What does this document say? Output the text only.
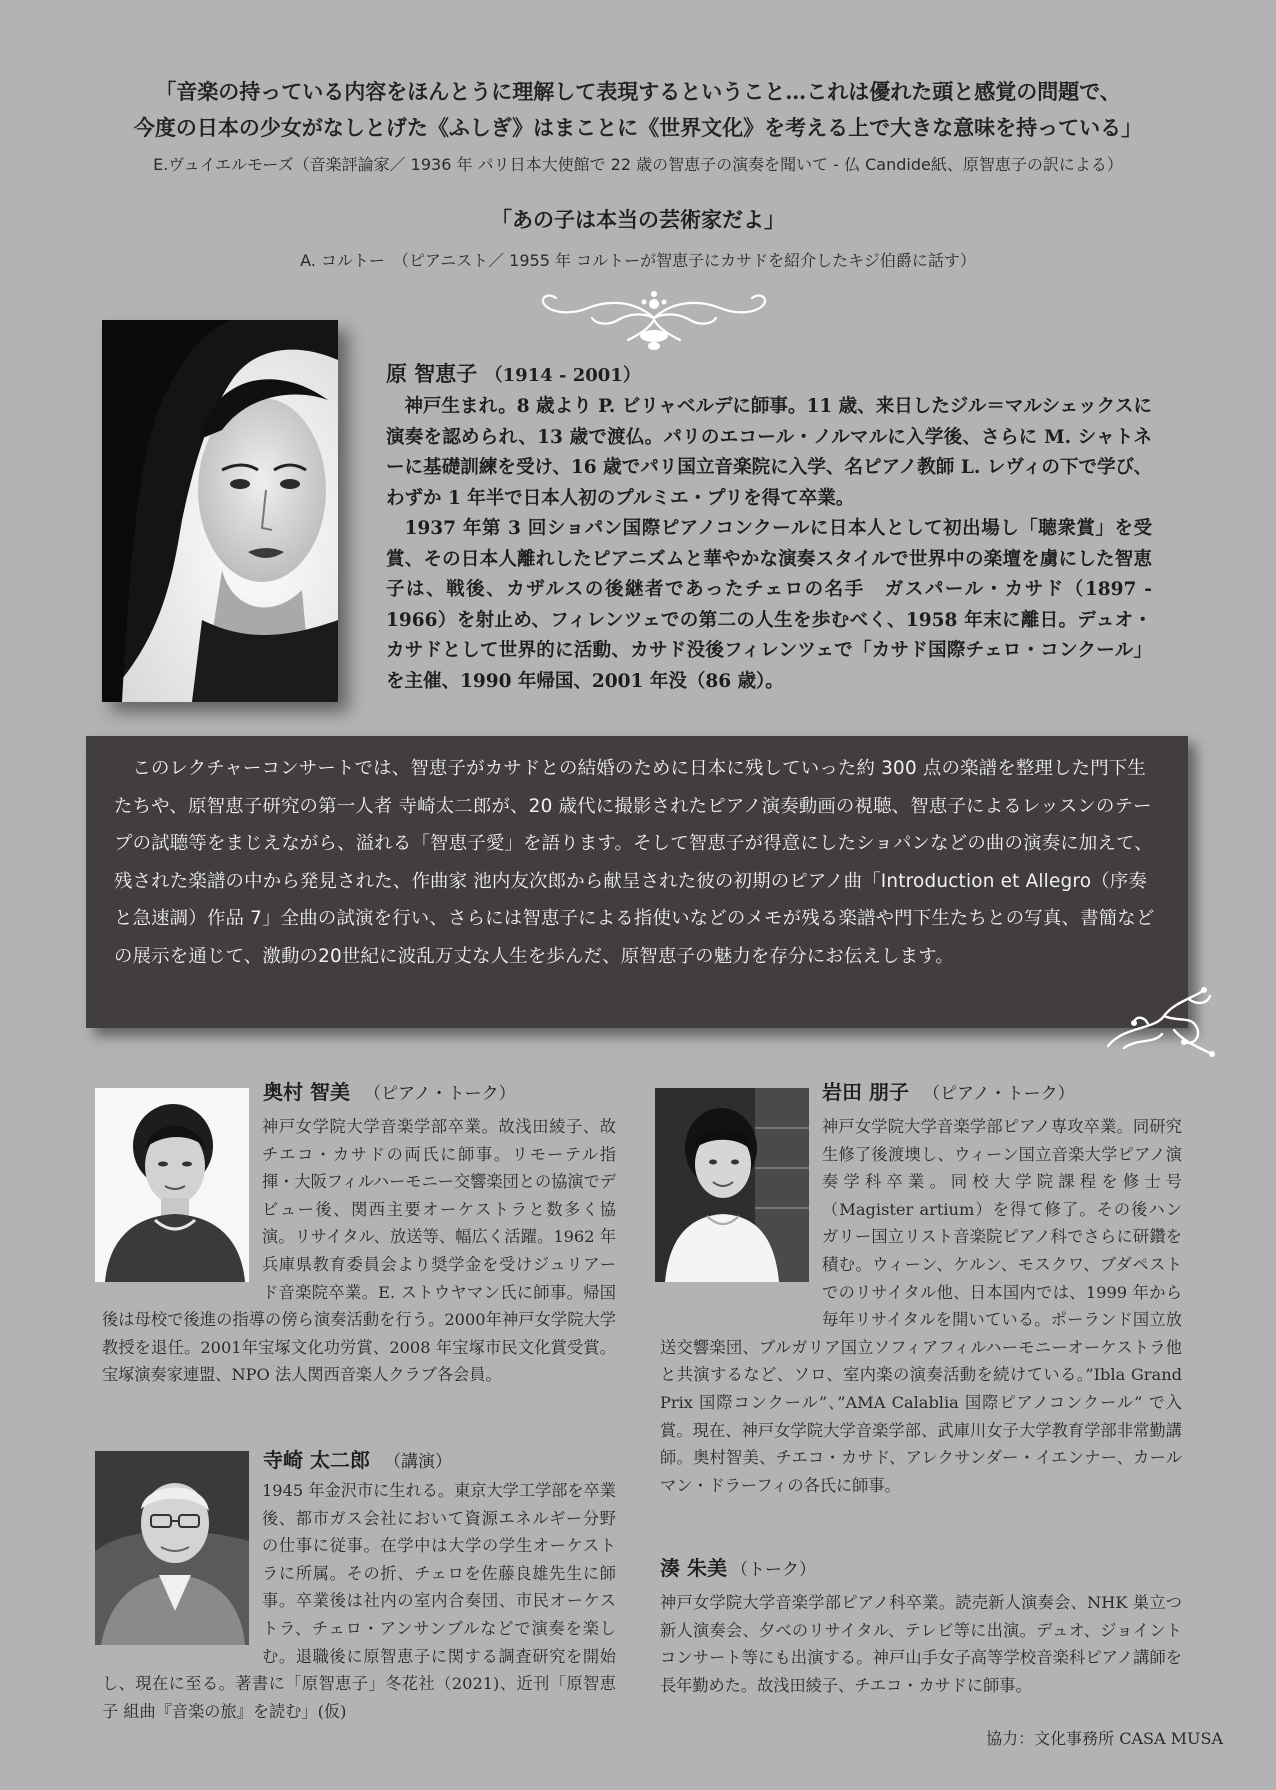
「音楽の持っている内容をほんとうに理解して表現するということ…これは優れた頭と感覚の問題で、
今度の日本の少女がなしとげた《ふしぎ》はまことに《世界文化》を考える上で大きな意味を持っている」
E.ヴュイエルモーズ（音楽評論家／ 1936 年 パリ日本大使館で 22 歳の智恵子の演奏を聞いて - 仏 Candide紙、原智恵子の訳による）
「あの子は本当の芸術家だよ」
A. コルトー　（ピアニスト／ 1955 年 コルトーが智恵子にカサドを紹介したキジ伯爵に話す）
原 智恵子 （1914 - 2001）

神戸生まれ。8 歳より P. ビリャベルデに師事。11 歳、来日したジル＝マルシェックスに演奏を認められ、13 歳で渡仏。パリのエコール・ノルマルに入学後、さらに M. シャトネーに基礎訓練を受け、16 歳でパリ国立音楽院に入学、名ピアノ教師 L. レヴィの下で学び、わずか 1 年半で日本人初のプルミエ・プリを得て卒業。

1937 年第 3 回ショパン国際ピアノコンクールに日本人として初出場し「聴衆賞」を受賞、その日本人離れしたピアニズムと華やかな演奏スタイルで世界中の楽壇を虜にした智恵子は、戦後、カザルスの後継者であったチェロの名手　ガスパール・カサド（1897 - 1966）を射止め、フィレンツェでの第二の人生を歩むべく、1958 年末に離日。デュオ・カサドとして世界的に活動、カサド没後フィレンツェで「カサド国際チェロ・コンクール」を主催、1990 年帰国、2001 年没（86 歳）。

このレクチャーコンサートでは、智恵子がカサドとの結婚のために日本に残していった約 300 点の楽譜を整理した門下生たちや、原智恵子研究の第一人者 寺崎太二郎が、20 歳代に撮影されたピアノ演奏動画の視聴、智恵子によるレッスンのテープの試聴等をまじえながら、溢れる「智恵子愛」を語ります。そして智恵子が得意にしたショパンなどの曲の演奏に加えて、残された楽譜の中から発見された、作曲家 池内友次郎から献呈された彼の初期のピアノ曲「Introduction et Allegro（序奏と急速調）作品 7」全曲の試演を行い、さらには智恵子による指使いなどのメモが残る楽譜や門下生たちとの写真、書簡などの展示を通じて、激動の20世紀に波乱万丈な人生を歩んだ、原智恵子の魅力を存分にお伝えします。
奥村 智美 （ピアノ・トーク）
神戸女学院大学音楽学部卒業。故浅田綾子、故チエコ・カサドの両氏に師事。リモーテル指揮・大阪フィルハーモニー交響楽団との協演でデビュー後、関西主要オーケストラと数多く協演。リサイタル、放送等、幅広く活躍。1962 年兵庫県教育委員会より奨学金を受けジュリアード音楽院卒業。E. ストウヤマン氏に師事。帰国後は母校で後進の指導の傍ら演奏活動を行う。2000年神戸女学院大学教授を退任。2001年宝塚文化功労賞、2008 年宝塚市民文化賞受賞。宝塚演奏家連盟、NPO 法人関西音楽人クラブ各会員。
寺崎 太二郎 （講演）
1945 年金沢市に生れる。東京大学工学部を卒業後、都市ガス会社において資源エネルギー分野の仕事に従事。在学中は大学の学生オーケストラに所属。その折、チェロを佐藤良雄先生に師事。卒業後は社内の室内合奏団、市民オーケストラ、チェロ・アンサンブルなどで演奏を楽しむ。退職後に原智恵子に関する調査研究を開始し、現在に至る。著書に「原智恵子」冬花社（2021)、近刊「原智恵子 組曲『音楽の旅』を読む」(仮)
岩田 朋子 （ピアノ・トーク）
神戸女学院大学音楽学部ピアノ専攻卒業。同研究生修了後渡墺し、ウィーン国立音楽大学ピアノ演奏学科卒業。同校大学院課程を修士号（Magister artium）を得て修了。その後ハンガリー国立リスト音楽院ピアノ科でさらに研鑽を積む。ウィーン、ケルン、モスクワ、ブダペストでのリサイタル他、日本国内では、1999 年から毎年リサイタルを開いている。ポーランド国立放送交響楽団、ブルガリア国立ソフィアフィルハーモニーオーケストラ他と共演するなど、ソロ、室内楽の演奏活動を続けている。”Ibla Grand Prix 国際コンクール”、”AMA Calablia 国際ピアノコンクール” で入賞。現在、神戸女学院大学音楽学部、武庫川女子大学教育学部非常勤講師。奥村智美、チエコ・カサド、アレクサンダー・イエンナー、カールマン・ドラーフィの各氏に師事。
湊 朱美 （トーク）
神戸女学院大学音楽学部ピアノ科卒業。読売新人演奏会、NHK 巣立つ新人演奏会、夕べのリサイタル、テレビ等に出演。デュオ、ジョイントコンサート等にも出演する。神戸山手女子高等学校音楽科ピアノ講師を長年勤めた。故浅田綾子、チエコ・カサドに師事。
協力：文化事務所 CASA MUSA
